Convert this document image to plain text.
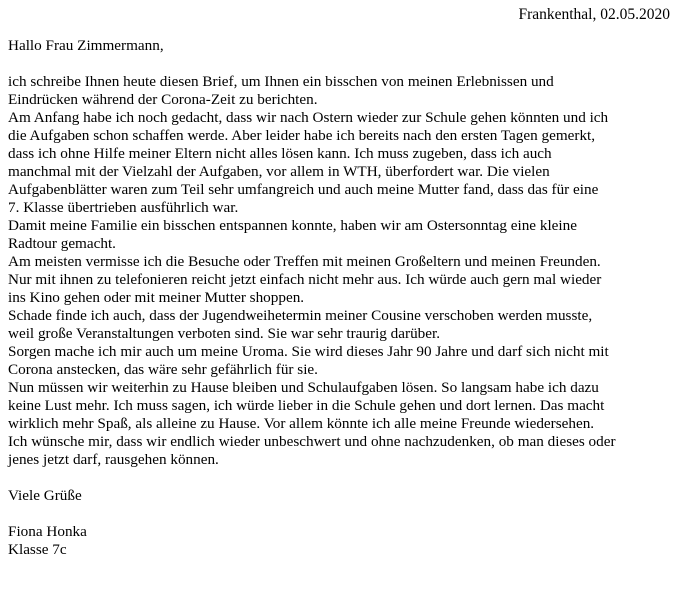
Frankenthal, 02.05.2020
Hallo Frau Zimmermann,
ich schreibe Ihnen heute diesen Brief, um Ihnen ein bisschen von meinen Erlebnissen und
Eindrücken während der Corona-Zeit zu berichten.
Am Anfang habe ich noch gedacht, dass wir nach Ostern wieder zur Schule gehen könnten und ich
die Aufgaben schon schaffen werde. Aber leider habe ich bereits nach den ersten Tagen gemerkt,
dass ich ohne Hilfe meiner Eltern nicht alles lösen kann. Ich muss zugeben, dass ich auch
manchmal mit der Vielzahl der Aufgaben, vor allem in WTH, überfordert war. Die vielen
Aufgabenblätter waren zum Teil sehr umfangreich und auch meine Mutter fand, dass das für eine
7. Klasse übertrieben ausführlich war.
Damit meine Familie ein bisschen entspannen konnte, haben wir am Ostersonntag eine kleine
Radtour gemacht.
Am meisten vermisse ich die Besuche oder Treffen mit meinen Großeltern und meinen Freunden.
Nur mit ihnen zu telefonieren reicht jetzt einfach nicht mehr aus. Ich würde auch gern mal wieder
ins Kino gehen oder mit meiner Mutter shoppen.
Schade finde ich auch, dass der Jugendweihetermin meiner Cousine verschoben werden musste,
weil große Veranstaltungen verboten sind. Sie war sehr traurig darüber.
Sorgen mache ich mir auch um meine Uroma. Sie wird dieses Jahr 90 Jahre und darf sich nicht mit
Corona anstecken, das wäre sehr gefährlich für sie.
Nun müssen wir weiterhin zu Hause bleiben und Schulaufgaben lösen. So langsam habe ich dazu
keine Lust mehr. Ich muss sagen, ich würde lieber in die Schule gehen und dort lernen. Das macht
wirklich mehr Spaß, als alleine zu Hause. Vor allem könnte ich alle meine Freunde wiedersehen.
Ich wünsche mir, dass wir endlich wieder unbeschwert und ohne nachzudenken, ob man dieses oder
jenes jetzt darf, rausgehen können.
Viele Grüße
Fiona Honka
Klasse 7c
